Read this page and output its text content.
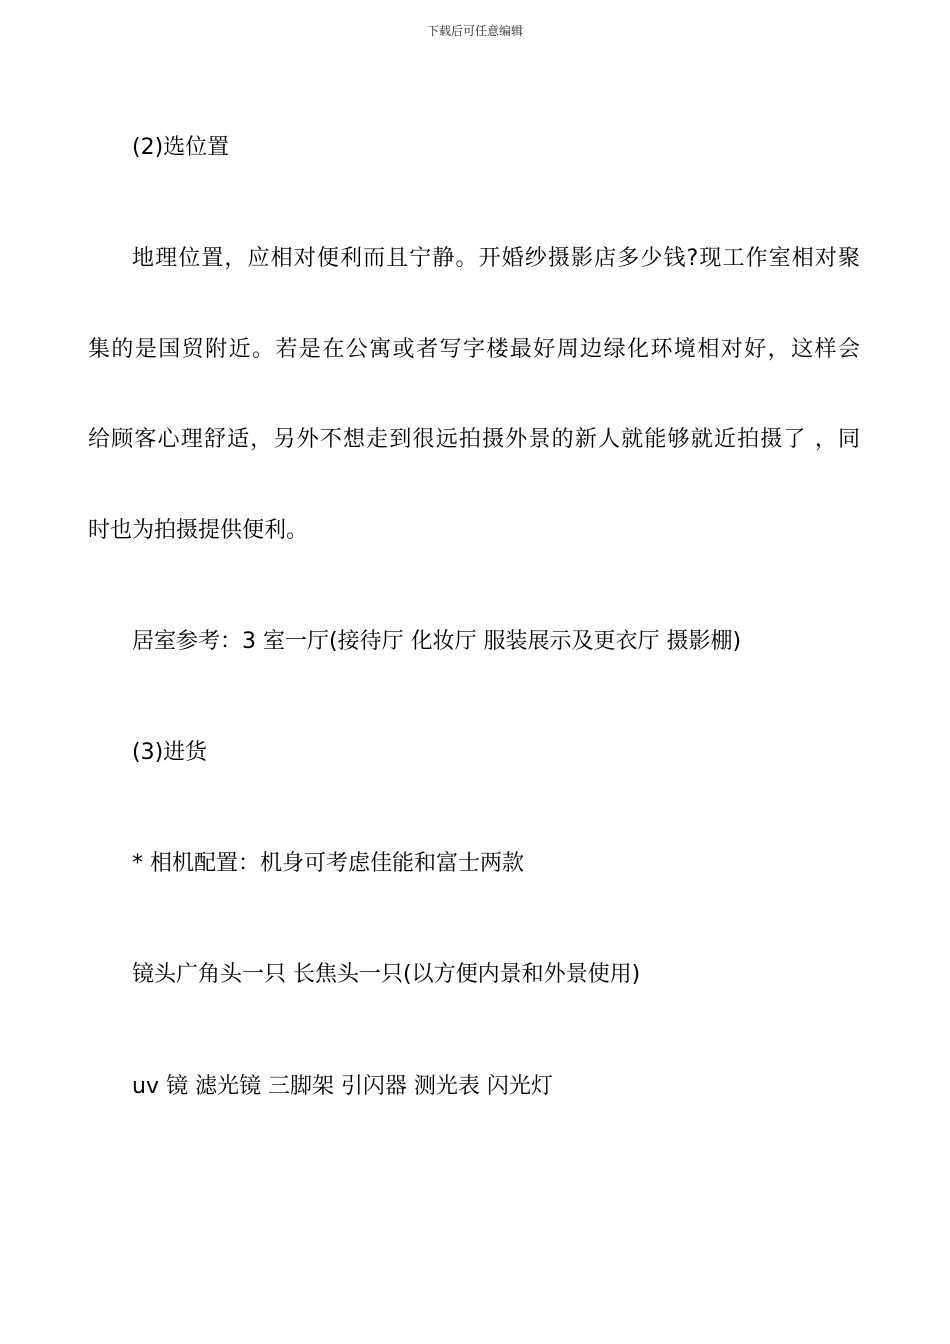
下载后可任意编辑
(2)选位置
地理位置，应相对便利而且宁静。开婚纱摄影店多少钱?现工作室相对聚
集的是国贸附近。若是在公寓或者写字楼最好周边绿化环境相对好，这样会
给顾客心理舒适，另外不想走到很远拍摄外景的新人就能够就近拍摄了 ，同
时也为拍摄提供便利。
居室参考：3 室一厅(接待厅 化妆厅 服装展示及更衣厅 摄影棚)
(3)进货
* 相机配置：机身可考虑佳能和富士两款
镜头广角头一只 长焦头一只(以方便内景和外景使用)
uv 镜 滤光镜 三脚架 引闪器 测光表 闪光灯
